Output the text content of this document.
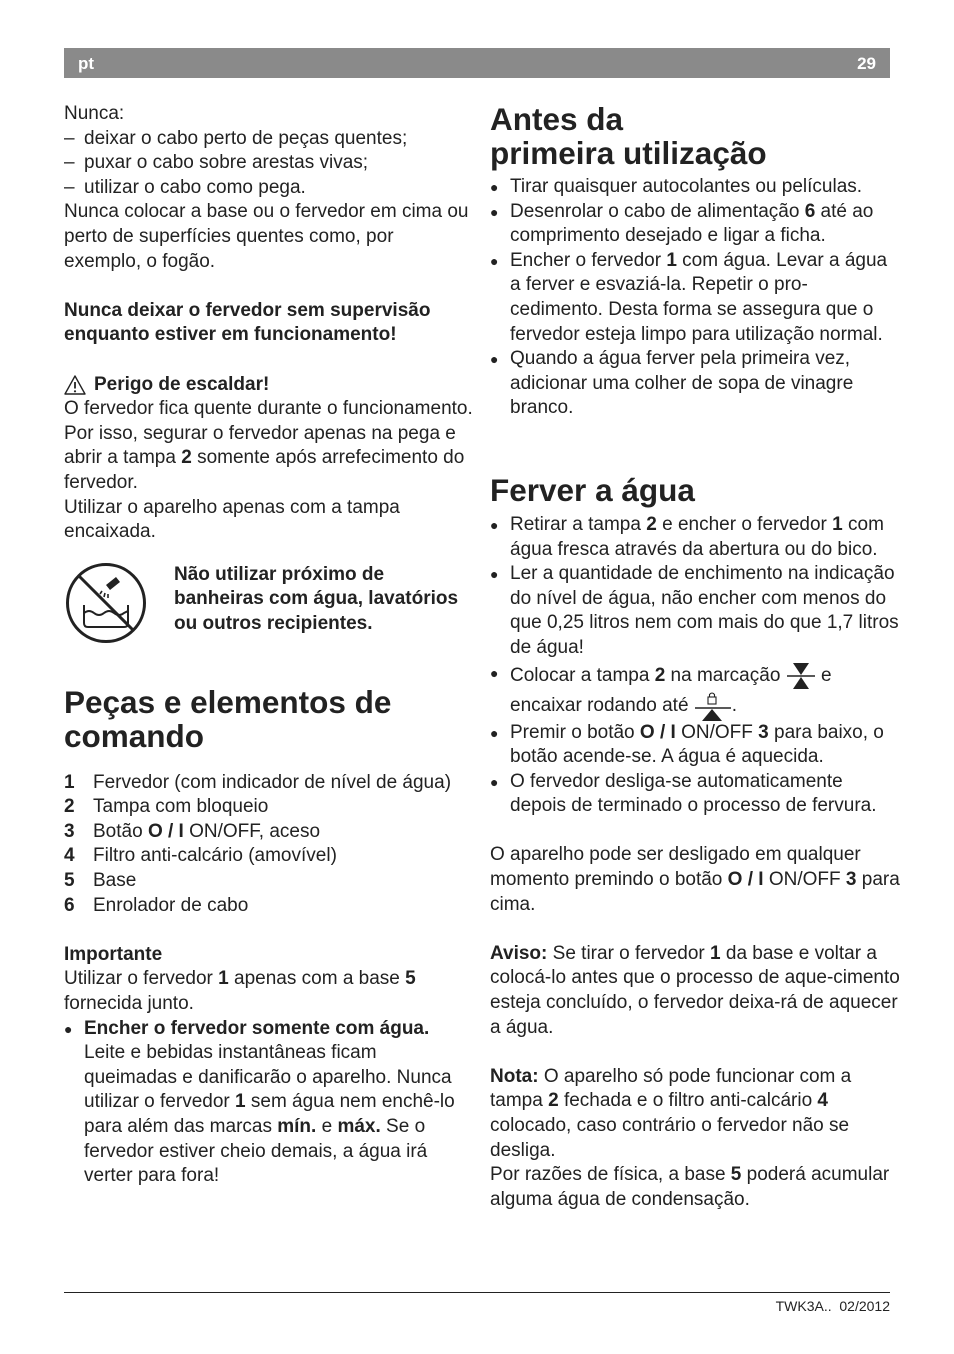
pt	29

Nunca:

– deixar o cabo perto de peças quentes;

– puxar o cabo sobre arestas vivas;

– utilizar o cabo como pega.

Nunca colocar a base ou o fervedor em cima ou perto de superfícies quentes como, por exemplo, o fogão.

Nunca deixar o fervedor sem supervisão enquanto estiver em funcionamento!

Perigo de escaldar!

O fervedor fica quente durante o funcionamento. Por isso, segurar o fervedor apenas na pega e abrir a tampa 2 somente após arrefecimento do fervedor.

Utilizar o aparelho apenas com a tampa encaixada.

Não utilizar próximo de banheiras com água, lavatórios ou outros recipientes.

Peças e elementos de comando
1 Fervedor (com indicador de nível de água)
2 Tampa com bloqueio
3 Botão O / I ON/OFF, aceso
4 Filtro anti-calcário (amovível)
5 Base
6 Enrolador de cabo

Importante

Utilizar o fervedor 1 apenas com a base 5 fornecida junto.

● Encher o fervedor somente com água.

Leite e bebidas instantâneas ficam queimadas e danificarão o aparelho. Nunca utilizar o fervedor 1 sem água nem enchê-lo para além das marcas mín. e máx. Se o fervedor estiver cheio demais, a água irá verter para fora!

Antes da
primeira utilização

● Tirar quaisquer autocolantes ou películas.

● Desenrolar o cabo de alimentação 6 até ao comprimento desejado e ligar a ficha.

● Encher o fervedor 1 com água. Levar a água a ferver e esvaziá-la. Repetir o pro-cedimento. Desta forma se assegura que o fervedor esteja limpo para utilização normal.

● Quando a água ferver pela primeira vez, adicionar uma colher de sopa de vinagre branco.

Ferver a água

● Retirar a tampa 2 e encher o fervedor 1 com água fresca através da abertura ou do bico.

● Ler a quantidade de enchimento na indicação do nível de água, não encher com menos do que 0,25 litros nem com mais do que 1,7 litros de água!

● Colocar a tampa 2 na marcação e encaixar rodando até .

● Premir o botão O / I ON/OFF 3 para baixo, o botão acende-se. A água é aquecida.

● O fervedor desliga-se automaticamente depois de terminado o processo de fervura.

O aparelho pode ser desligado em qualquer momento premindo o botão O / I ON/OFF 3 para cima.

Aviso: Se tirar o fervedor 1 da base e voltar a colocá-lo antes que o processo de aque-cimento esteja concluído, o fervedor deixa-rá de aquecer a água.

Nota: O aparelho só pode funcionar com a tampa 2 fechada e o filtro anti-calcário 4 colocado, caso contrário o fervedor não se desliga.

Por razões de física, a base 5 poderá acumular alguma água de condensação.

TWK3A.. 02/2012
